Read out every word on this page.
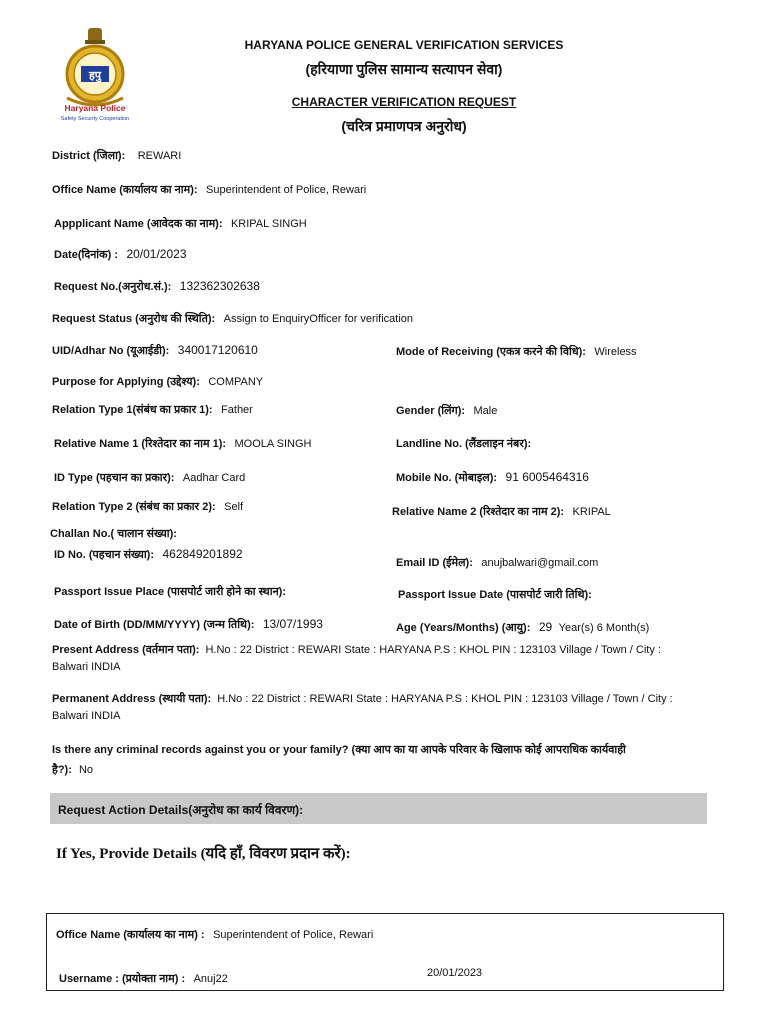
हपु
Haryana Police
Safety Security Cooperation
HARYANA POLICE GENERAL VERIFICATION SERVICES
(हरियाणा पुलिस सामान्य सत्यापन सेवा)
CHARACTER VERIFICATION REQUEST
(चरित्र प्रमाणपत्र अनुरोध)
District (जिला): REWARI
Office Name (कार्यालय का नाम): Superintendent of Police, Rewari
Appplicant Name (आवेदक का नाम): KRIPAL SINGH
Date(दिनांक) : 20/01/2023
Request No.(अनुरोध.सं.): 132362302638
Request Status (अनुरोध की स्थिति): Assign to EnquiryOfficer for verification
UID/Adhar No (यूआईडी): 340017120610	Mode of Receiving (एकत्र करने की विधि): Wireless
Purpose for Applying (उद्देश्य): COMPANY
Relation Type 1(संबंध का प्रकार 1): Father	Gender (लिंग): Male
Relative Name 1 (रिश्तेदार का नाम 1): MOOLA SINGH	Landline No. (लैंडलाइन नंबर):
ID Type (पहचान का प्रकार): Aadhar Card	Mobile No. (मोबाइल): 91 6005464316
Relation Type 2 (संबंध का प्रकार 2): Self	Relative Name 2 (रिश्तेदार का नाम 2): KRIPAL
Challan No.( चालान संख्या):
ID No. (पहचान संख्या): 462849201892
Email ID (ईमेल): anujbalwari@gmail.com
Passport Issue Place (पासपोर्ट जारी होने का स्थान):	Passport Issue Date (पासपोर्ट जारी तिथि):
Date of Birth (DD/MM/YYYY) (जन्म तिथि): 13/07/1993	Age (Years/Months) (आयु): 29 Year(s) 6 Month(s)
Present Address (वर्तमान पता): H.No : 22 District : REWARI State : HARYANA P.S : KHOL PIN : 123103 Village / Town / City :
Balwari INDIA
Permanent Address (स्थायी पता): H.No : 22 District : REWARI State : HARYANA P.S : KHOL PIN : 123103 Village / Town / City :
Balwari INDIA
Is there any criminal records against you or your family? (क्या आप का या आपके परिवार के खिलाफ कोई आपराधिक कार्यवाही
है?): No
Request Action Details(अनुरोध का कार्य विवरण):
If Yes, Provide Details (यदि हाँ, विवरण प्रदान करें):
Office Name (कार्यालय का नाम) : Superintendent of Police, Rewari
Username : (प्रयोक्ता नाम) : Anuj22	20/01/2023
